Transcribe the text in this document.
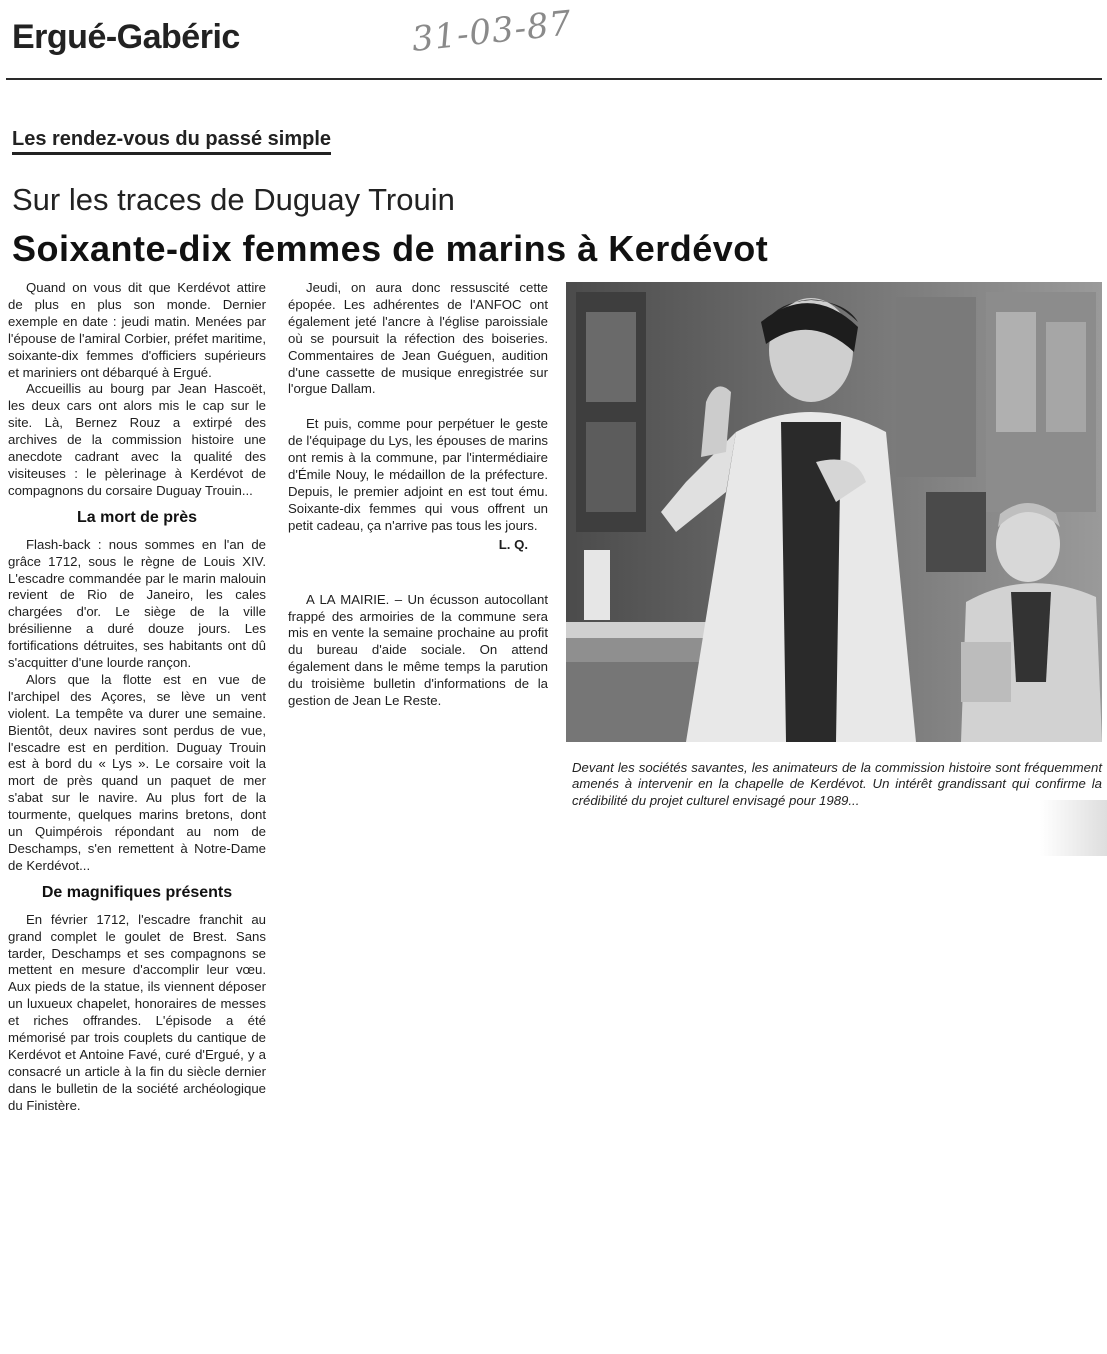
Ergué-Gabéric	31-03-87
Les rendez-vous du passé simple
Sur les traces de Duguay Trouin
Soixante-dix femmes de marins à Kerdévot

Quand on vous dit que Kerdévot attire de plus en plus son monde. Dernier exemple en date : jeudi matin. Menées par l'épouse de l'amiral Corbier, préfet maritime, soixante-dix femmes d'officiers supérieurs et mariniers ont débarqué à Ergué.

Accueillis au bourg par Jean Hascoët, les deux cars ont alors mis le cap sur le site. Là, Bernez Rouz a extirpé des archives de la commission histoire une anecdote cadrant avec la qualité des visiteuses : le pèlerinage à Kerdévot de compagnons du corsaire Duguay Trouin...

La mort de près

Flash-back : nous sommes en l'an de grâce 1712, sous le règne de Louis XIV. L'escadre commandée par le marin malouin revient de Rio de Janeiro, les cales chargées d'or. Le siège de la ville brésilienne a duré douze jours. Les fortifications détruites, ses habitants ont dû s'acquitter d'une lourde rançon.

Alors que la flotte est en vue de l'archipel des Açores, se lève un vent violent. La tempête va durer une semaine. Bientôt, deux navires sont perdus de vue, l'escadre est en perdition. Duguay Trouin est à bord du « Lys ». Le corsaire voit la mort de près quand un paquet de mer s'abat sur le navire. Au plus fort de la tourmente, quelques marins bretons, dont un Quimpérois répondant au nom de Deschamps, s'en remettent à Notre-Dame de Kerdévot...

De magnifiques présents

En février 1712, l'escadre franchit au grand complet le goulet de Brest. Sans tarder, Deschamps et ses compagnons se mettent en mesure d'accomplir leur vœu. Aux pieds de la statue, ils viennent déposer un luxueux chapelet, honoraires de messes et riches offrandes. L'épisode a été mémorisé par trois couplets du cantique de Kerdévot et Antoine Favé, curé d'Ergué, y a consacré un article à la fin du siècle dernier dans le bulletin de la société archéologique du Finistère.

Jeudi, on aura donc ressuscité cette épopée. Les adhérentes de l'ANFOC ont également jeté l'ancre à l'église paroissiale où se poursuit la réfection des boiseries. Commentaires de Jean Guéguen, audition d'une cassette de musique enregistrée sur l'orgue Dallam.

Et puis, comme pour perpétuer le geste de l'équipage du Lys, les épouses de marins ont remis à la commune, par l'intermédiaire d'Émile Nouy, le médaillon de la préfecture. Depuis, le premier adjoint en est tout ému. Soixante-dix femmes qui vous offrent un petit cadeau, ça n'arrive pas tous les jours.

L. Q.

A LA MAIRIE. – Un écusson autocollant frappé des armoiries de la commune sera mis en vente la semaine prochaine au profit du bureau d'aide sociale. On attend également dans le même temps la parution du troisième bulletin d'informations de la gestion de Jean Le Reste.

Devant les sociétés savantes, les animateurs de la commission histoire sont fréquemment amenés à intervenir en la chapelle de Kerdévot. Un intérêt grandissant qui confirme la crédibilité du projet culturel envisagé pour 1989...
